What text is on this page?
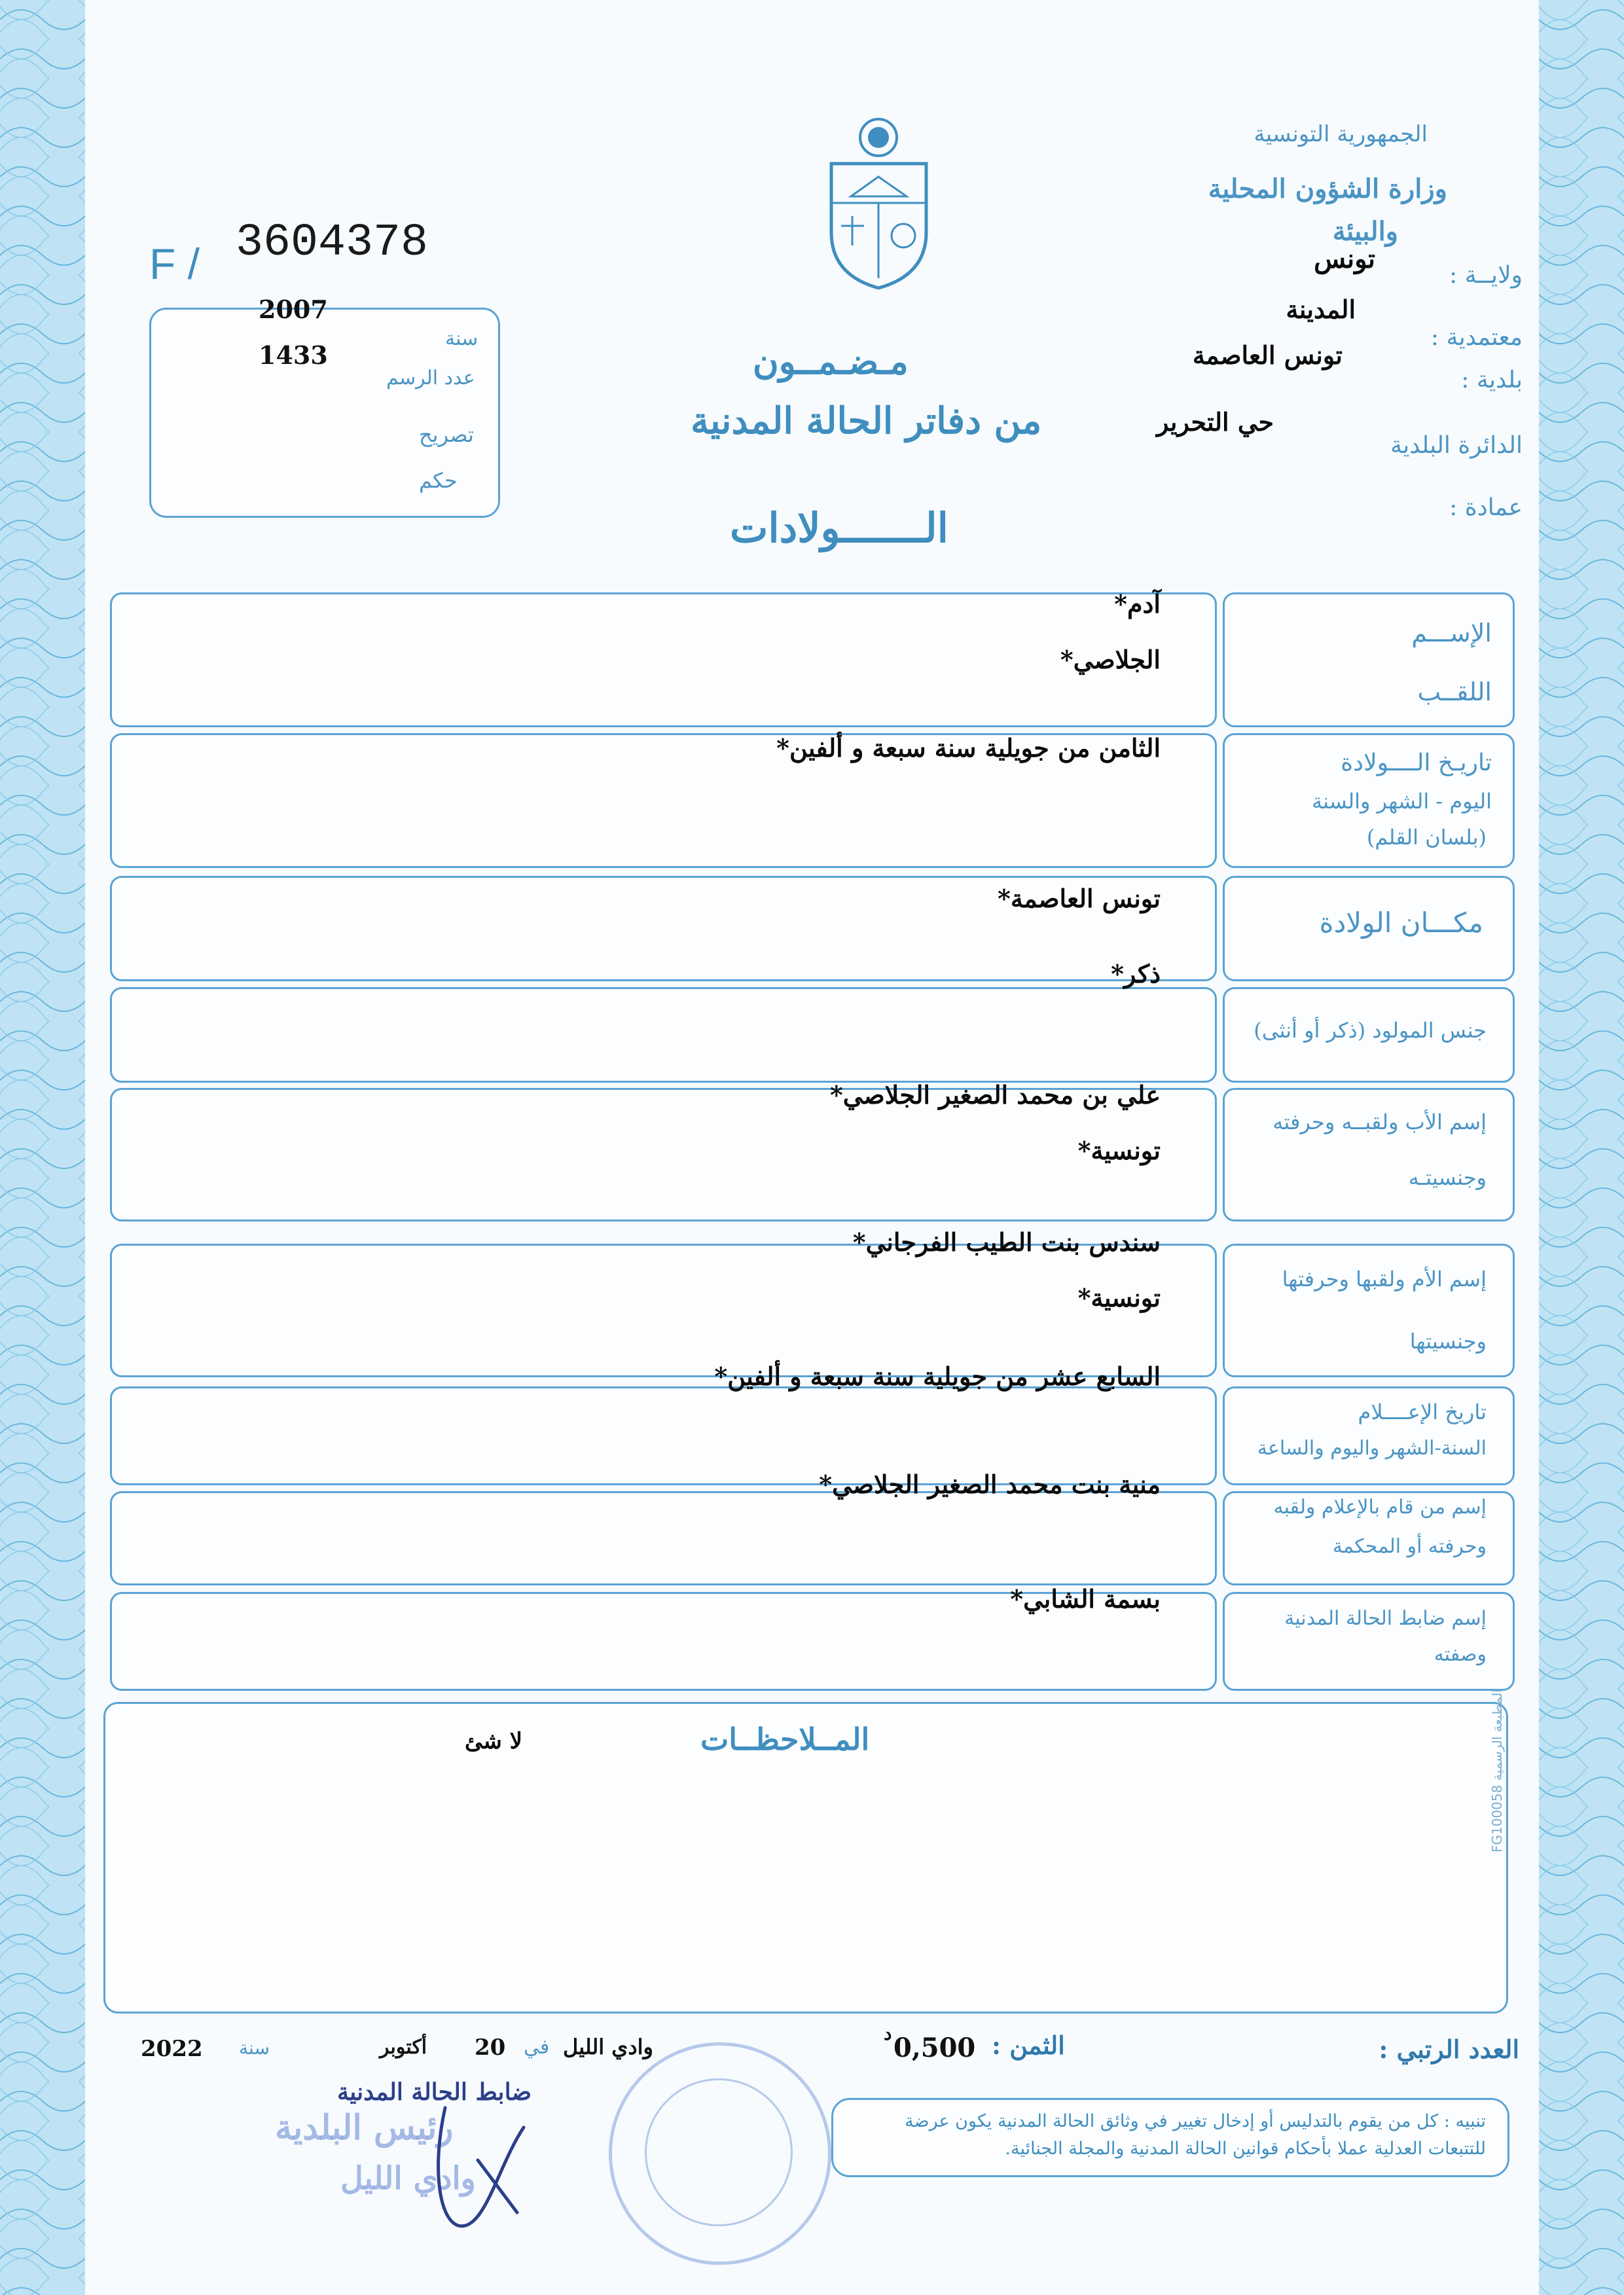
الجمهورية التونسية
وزارة الشؤون المحلية
والبيئة
ولايــة :
تونس
معتمدية :
المدينة
بلدية :
تونس العاصمة
الدائرة البلدية
حي التحرير
عمادة :
F / 3604378
2007
سنة
1433
عدد الرسم
تصريح
حكم
مـضـمــون
من دفاتر الحالة المدنية
الـــــــولادات
الإســـم
اللقــب
آدم*
الجلاصي*
تاريـخ الــــولادة
اليوم - الشهر والسنة
(بلسان القلم)
الثامن من جويلية سنة سبعة و ألفين*
مكـــان الولادة
تونس العاصمة*
جنس المولود (ذكر أو أنثى)
ذكر*
إسم الأب ولقبــه وحرفته
وجنسيتـه
علي بن محمد الصغير الجلاصي*
تونسية*
إسم الأم ولقبها وحرفتها
وجنسيتها
سندس بنت الطيب الفرجاني*
تونسية*
تاريخ الإعــــلام
السنة-الشهر واليوم والساعة
السابع عشر من جويلية سنة سبعة و ألفين*
إسم من قام بالإعلام ولقبه
وحرفته أو المحكمة
منية بنت محمد الصغير الجلاصي*
إسم ضابط الحالة المدنية
وصفته
بسمة الشابي*
المــلاحظــات
لا شئ
المطبعة الرسمية FG100058
العدد الرتبي :
الثمن :
0,500
د
وادي الليل
في
20
أكتوبر
سنة
2022
تنبيه : كل من يقوم بالتدليس أو إدخال تغيير في وثائق الحالة المدنية يكون عرضة للتتبعات العدلية عملا بأحكام قوانين الحالة المدنية والمجلة الجنائية.
ضابط الحالة المدنية
رئيس البلدية
وادي الليل
